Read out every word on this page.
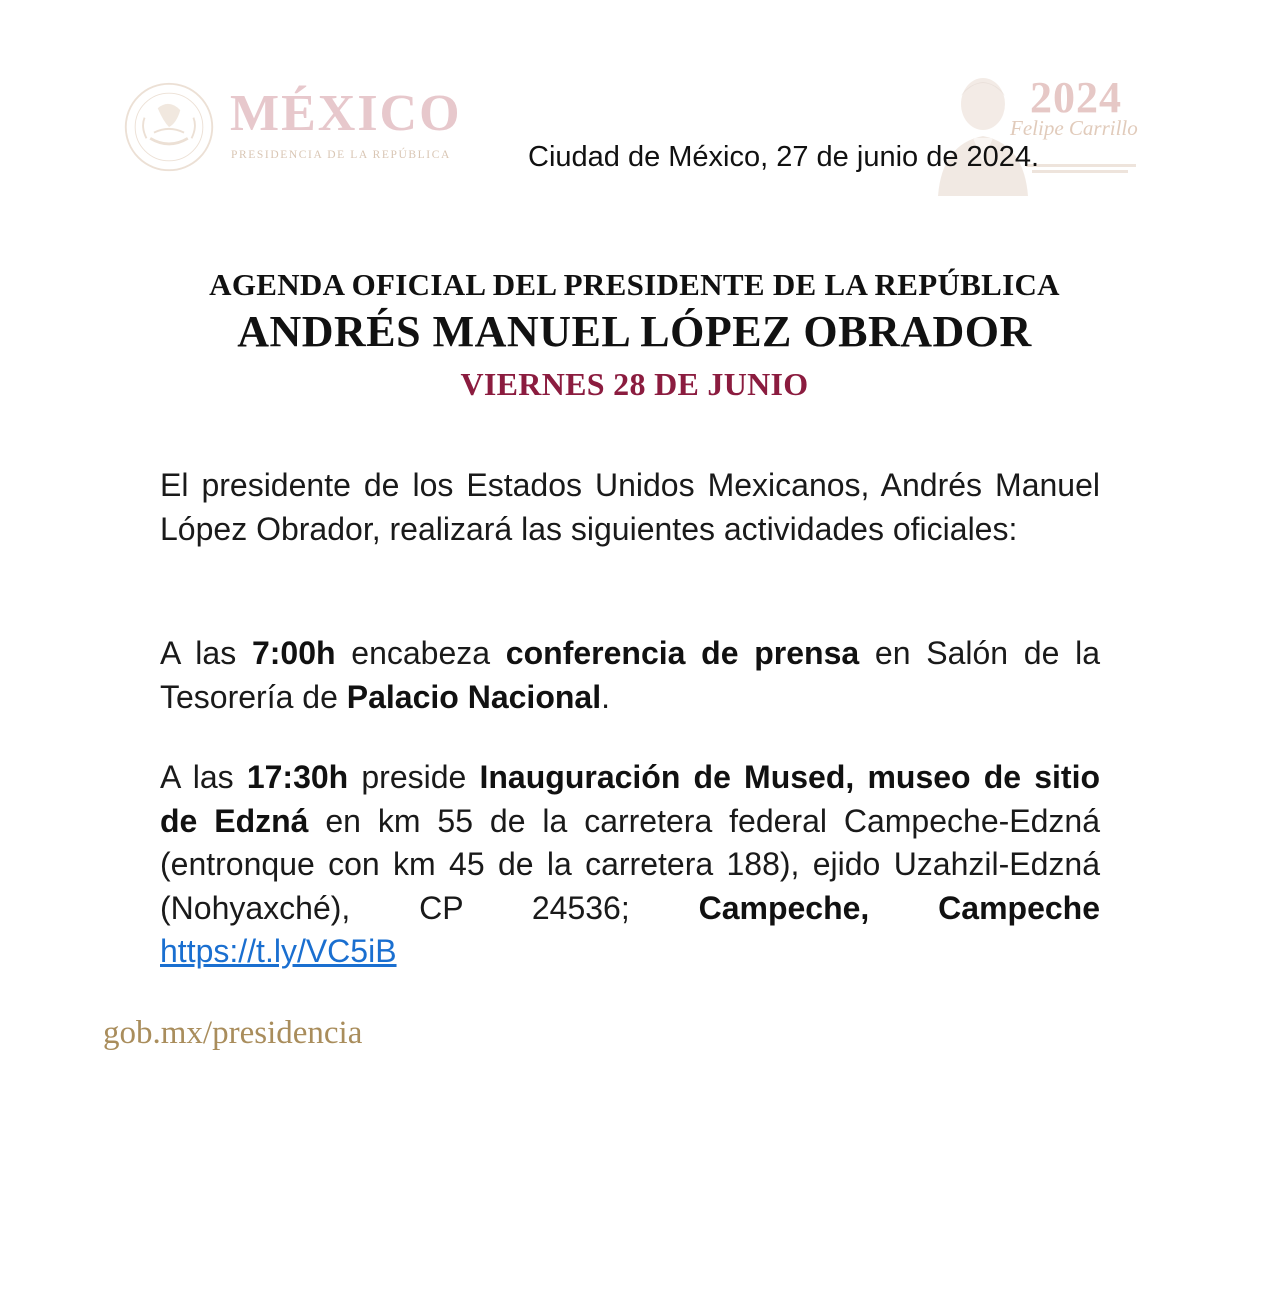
MÉXICO
PRESIDENCIA DE LA REPÚBLICA
2024
Felipe Carrillo
Ciudad de México, 27 de junio de 2024.
AGENDA OFICIAL DEL PRESIDENTE DE LA REPÚBLICA
ANDRÉS MANUEL LÓPEZ OBRADOR
VIERNES 28 DE JUNIO
El presidente de los Estados Unidos Mexicanos, Andrés Manuel López Obrador, realizará las siguientes actividades oficiales:
A las 7:00h encabeza conferencia de prensa en Salón de la Tesorería de Palacio Nacional.
A las 17:30h preside Inauguración de Mused, museo de sitio de Edzná en km 55 de la carretera federal Campeche-Edzná (entronque con km 45 de la carretera 188), ejido Uzahzil-Edzná (Nohyaxché), CP 24536; Campeche, Campeche https://t.ly/VC5iB
gob.mx/presidencia
